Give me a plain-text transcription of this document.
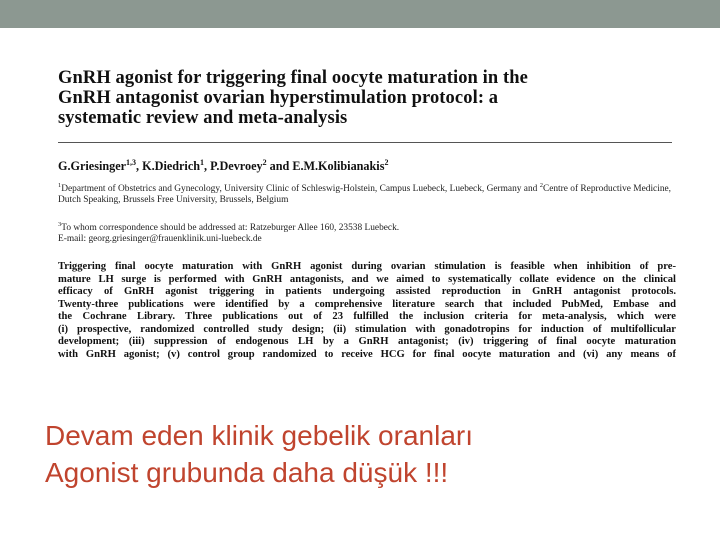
GnRH agonist for triggering final oocyte maturation in the
GnRH antagonist ovarian hyperstimulation protocol: a
systematic review and meta-analysis

G.Griesinger$^{1,3}$, K.Diedrich$^1$, P.Devroey$^2$ and E.M.Kolibianakis$^2$

$^1$Department of Obstetrics and Gynecology, University Clinic of Schleswig-Holstein, Campus Luebeck, Luebeck, Germany and $^2$Centre of Reproductive Medicine, Dutch Speaking, Brussels Free University, Brussels, Belgium

$^3$To whom correspondence should be addressed at: Ratzeburger Allee 160, 23538 Luebeck.
E-mail: georg.griesinger@frauenklinik.uni-luebeck.de
Triggering final oocyte maturation with GnRH agonist during ovarian stimulation is feasible when inhibition of pre-
mature LH surge is performed with GnRH antagonists, and we aimed to systematically collate evidence on the clinical
efficacy of GnRH agonist triggering in patients undergoing assisted reproduction in GnRH antagonist protocols.
Twenty-three publications were identified by a comprehensive literature search that included PubMed, Embase and
the Cochrane Library. Three publications out of 23 fulfilled the inclusion criteria for meta-analysis, which were
(i) prospective, randomized controlled study design; (ii) stimulation with gonadotropins for induction of multifollicular
development; (iii) suppression of endogenous LH by a GnRH antagonist; (iv) triggering of final oocyte maturation
with GnRH agonist; (v) control group randomized to receive HCG for final oocyte maturation and (vi) any means of
Devam eden klinik gebelik oranları
Agonist grubunda daha düşük !!!
